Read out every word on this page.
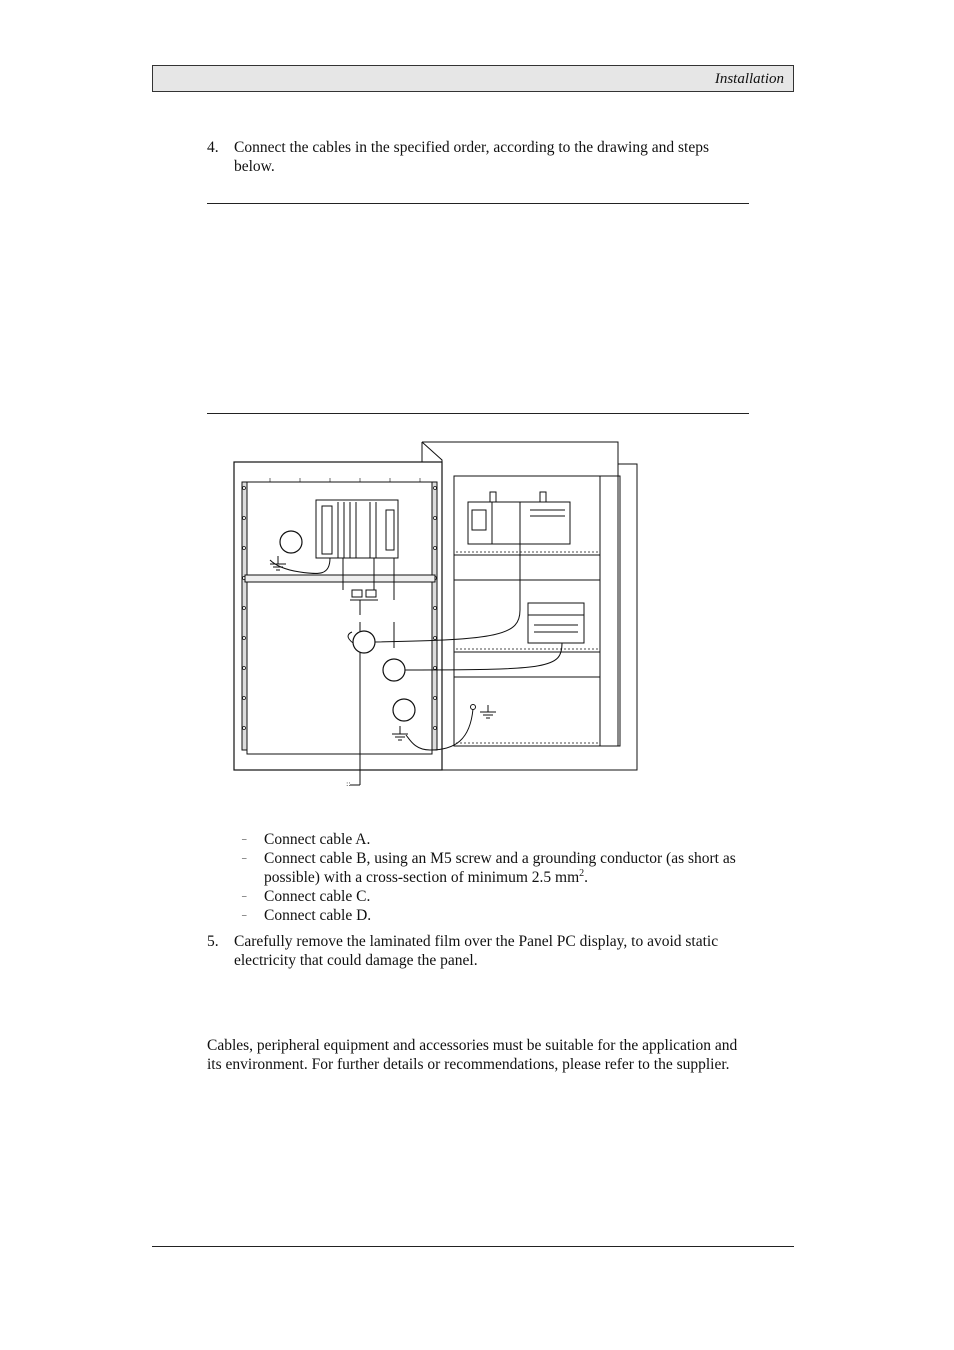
Installation
4. Connect the cables in the specified order, according to the drawing and steps below.
::
– Connect cable A.
– Connect cable B, using an M5 screw and a grounding conductor (as short as possible) with a cross-section of minimum 2.5 $mm^2$.
– Connect cable C.
– Connect cable D.
5. Carefully remove the laminated film over the Panel PC display, to avoid static electricity that could damage the panel.
Cables, peripheral equipment and accessories must be suitable for the application and its environment. For further details or recommendations, please refer to the supplier.
